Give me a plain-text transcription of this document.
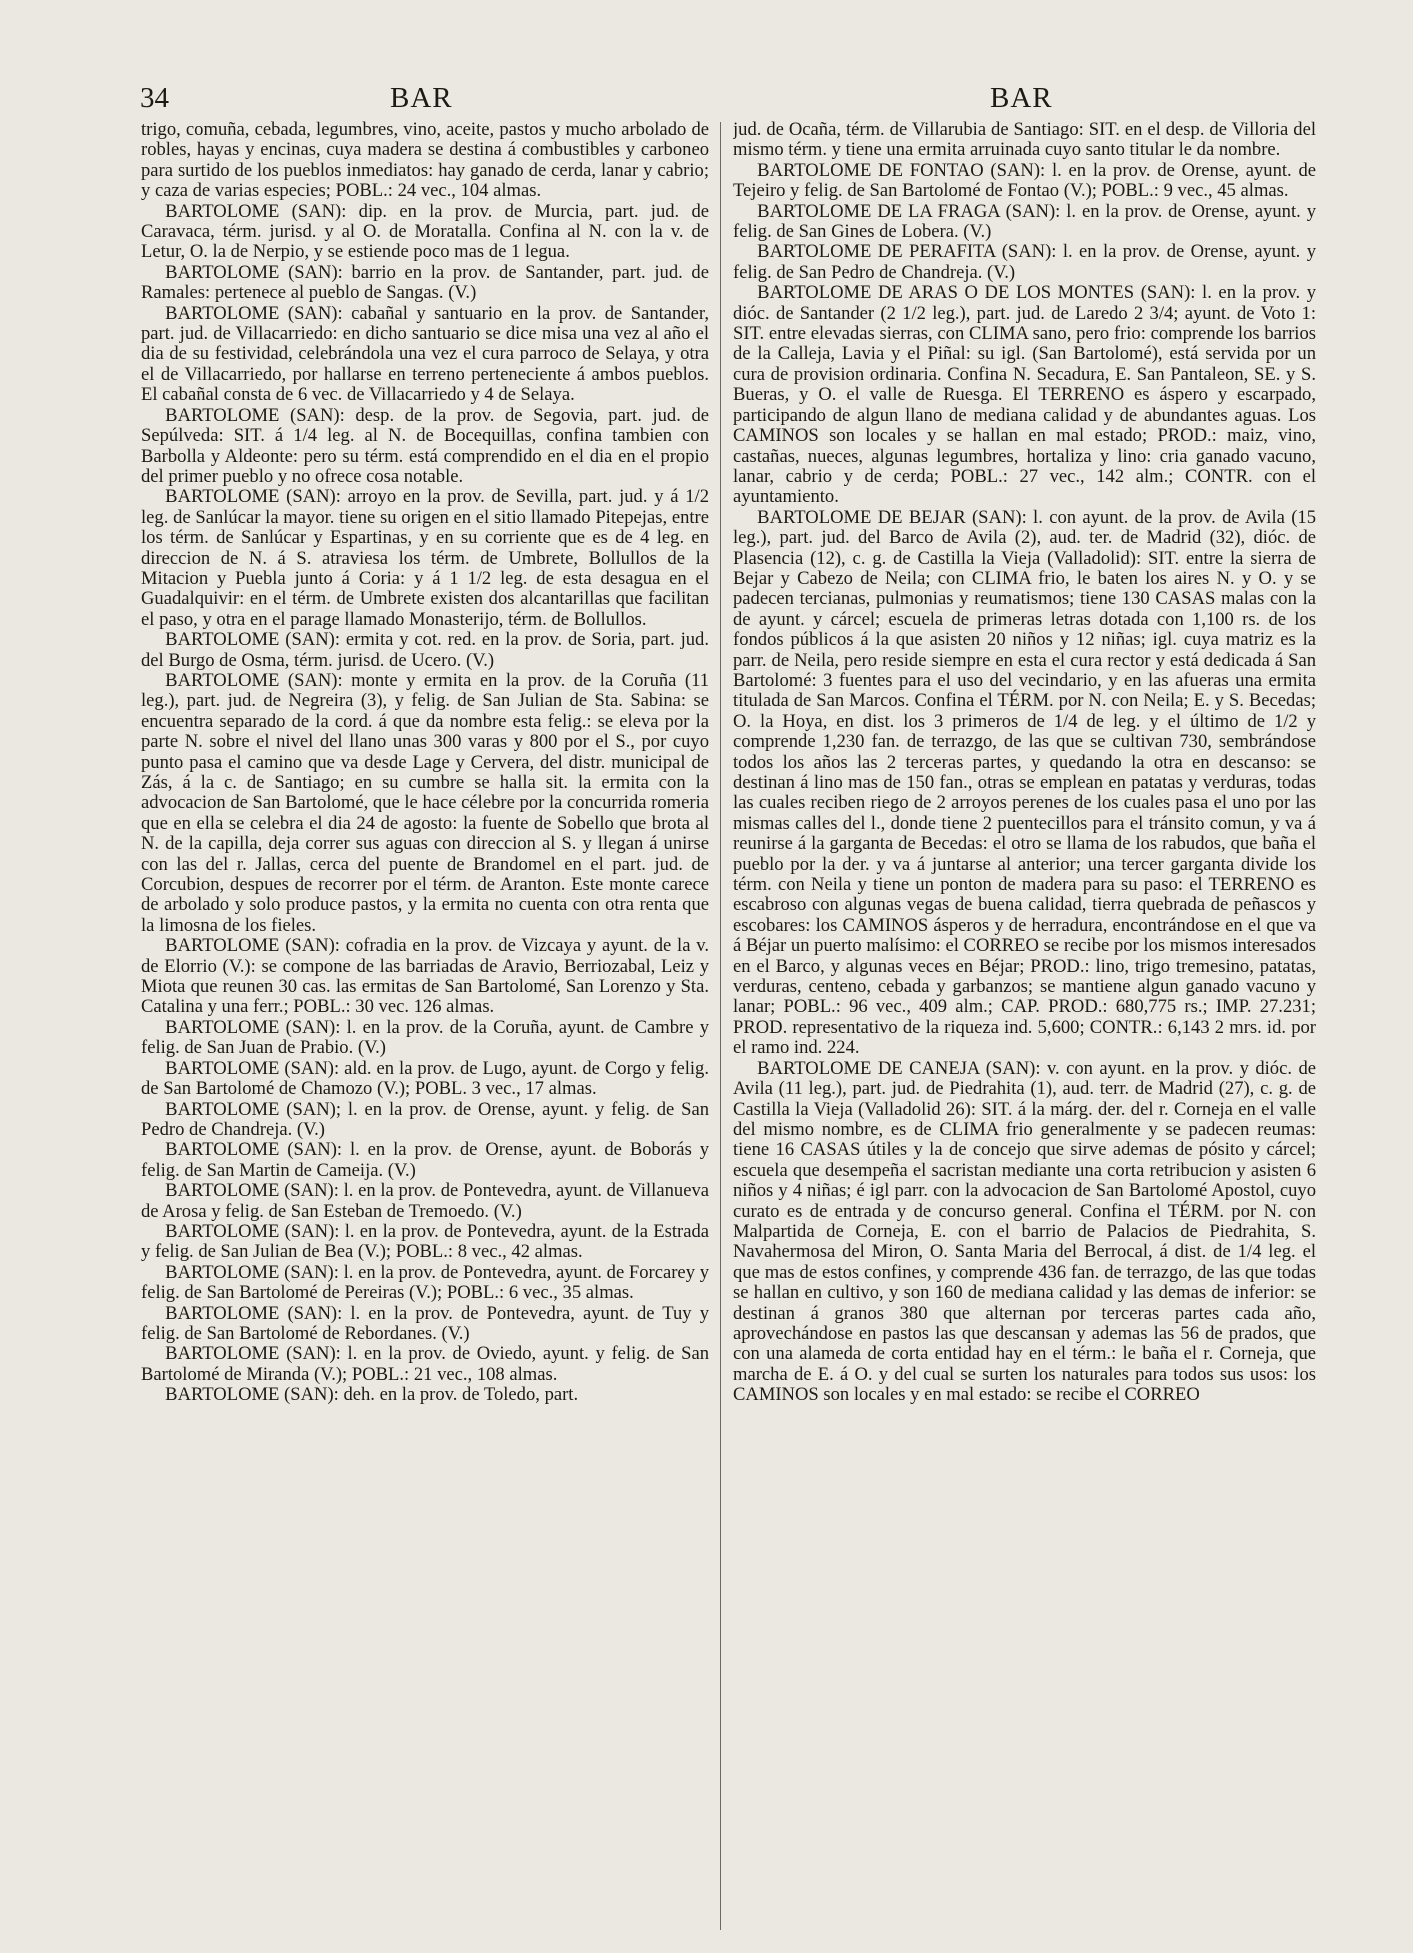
34	BAR	BAR

trigo, comuña, cebada, legumbres, vino, aceite, pastos y mucho arbolado de robles, hayas y encinas, cuya madera se destina á combustibles y carboneo para surtido de los pueblos inmediatos: hay ganado de cerda, lanar y cabrio; y caza de varias especies; POBL.: 24 vec., 104 almas.

BARTOLOME (SAN): dip. en la prov. de Murcia, part. jud. de Caravaca, térm. jurisd. y al O. de Moratalla. Confina al N. con la v. de Letur, O. la de Nerpio, y se estiende poco mas de 1 legua.

BARTOLOME (SAN): barrio en la prov. de Santander, part. jud. de Ramales: pertenece al pueblo de Sangas. (V.)

BARTOLOME (SAN): cabañal y santuario en la prov. de Santander, part. jud. de Villacarriedo: en dicho santuario se dice misa una vez al año el dia de su festividad, celebrándola una vez el cura parroco de Selaya, y otra el de Villacarriedo, por hallarse en terreno perteneciente á ambos pueblos. El cabañal consta de 6 vec. de Villacarriedo y 4 de Selaya.

BARTOLOME (SAN): desp. de la prov. de Segovia, part. jud. de Sepúlveda: SIT. á 1/4 leg. al N. de Bocequillas, confina tambien con Barbolla y Aldeonte: pero su térm. está comprendido en el dia en el propio del primer pueblo y no ofrece cosa notable.

BARTOLOME (SAN): arroyo en la prov. de Sevilla, part. jud. y á 1/2 leg. de Sanlúcar la mayor. tiene su origen en el sitio llamado Pitepejas, entre los térm. de Sanlúcar y Espartinas, y en su corriente que es de 4 leg. en direccion de N. á S. atraviesa los térm. de Umbrete, Bollullos de la Mitacion y Puebla junto á Coria: y á 1 1/2 leg. de esta desagua en el Guadalquivir: en el térm. de Umbrete existen dos alcantarillas que facilitan el paso, y otra en el parage llamado Monasterijo, térm. de Bollullos.

BARTOLOME (SAN): ermita y cot. red. en la prov. de Soria, part. jud. del Burgo de Osma, térm. jurisd. de Ucero. (V.)

BARTOLOME (SAN): monte y ermita en la prov. de la Coruña (11 leg.), part. jud. de Negreira (3), y felig. de San Julian de Sta. Sabina: se encuentra separado de la cord. á que da nombre esta felig.: se eleva por la parte N. sobre el nivel del llano unas 300 varas y 800 por el S., por cuyo punto pasa el camino que va desde Lage y Cervera, del distr. municipal de Zás, á la c. de Santiago; en su cumbre se halla sit. la ermita con la advocacion de San Bartolomé, que le hace célebre por la concurrida romeria que en ella se celebra el dia 24 de agosto: la fuente de Sobello que brota al N. de la capilla, deja correr sus aguas con direccion al S. y llegan á unirse con las del r. Jallas, cerca del puente de Brandomel en el part. jud. de Corcubion, despues de recorrer por el térm. de Aranton. Este monte carece de arbolado y solo produce pastos, y la ermita no cuenta con otra renta que la limosna de los fieles.

BARTOLOME (SAN): cofradia en la prov. de Vizcaya y ayunt. de la v. de Elorrio (V.): se compone de las barriadas de Aravio, Berriozabal, Leiz y Miota que reunen 30 cas. las ermitas de San Bartolomé, San Lorenzo y Sta. Catalina y una ferr.; POBL.: 30 vec. 126 almas.

BARTOLOME (SAN): l. en la prov. de la Coruña, ayunt. de Cambre y felig. de San Juan de Prabio. (V.)

BARTOLOME (SAN): ald. en la prov. de Lugo, ayunt. de Corgo y felig. de San Bartolomé de Chamozo (V.); POBL. 3 vec., 17 almas.

BARTOLOME (SAN); l. en la prov. de Orense, ayunt. y felig. de San Pedro de Chandreja. (V.)

BARTOLOME (SAN): l. en la prov. de Orense, ayunt. de Boborás y felig. de San Martin de Cameija. (V.)

BARTOLOME (SAN): l. en la prov. de Pontevedra, ayunt. de Villanueva de Arosa y felig. de San Esteban de Tremoedo. (V.)

BARTOLOME (SAN): l. en la prov. de Pontevedra, ayunt. de la Estrada y felig. de San Julian de Bea (V.); POBL.: 8 vec., 42 almas.

BARTOLOME (SAN): l. en la prov. de Pontevedra, ayunt. de Forcarey y felig. de San Bartolomé de Pereiras (V.); POBL.: 6 vec., 35 almas.

BARTOLOME (SAN): l. en la prov. de Pontevedra, ayunt. de Tuy y felig. de San Bartolomé de Rebordanes. (V.)

BARTOLOME (SAN): l. en la prov. de Oviedo, ayunt. y felig. de San Bartolomé de Miranda (V.); POBL.: 21 vec., 108 almas.

BARTOLOME (SAN): deh. en la prov. de Toledo, part.

jud. de Ocaña, térm. de Villarubia de Santiago: SIT. en el desp. de Villoria del mismo térm. y tiene una ermita arruinada cuyo santo titular le da nombre.

BARTOLOME DE FONTAO (SAN): l. en la prov. de Orense, ayunt. de Tejeiro y felig. de San Bartolomé de Fontao (V.); POBL.: 9 vec., 45 almas.

BARTOLOME DE LA FRAGA (SAN): l. en la prov. de Orense, ayunt. y felig. de San Gines de Lobera. (V.)

BARTOLOME DE PERAFITA (SAN): l. en la prov. de Orense, ayunt. y felig. de San Pedro de Chandreja. (V.)

BARTOLOME DE ARAS O DE LOS MONTES (SAN): l. en la prov. y dióc. de Santander (2 1/2 leg.), part. jud. de Laredo 2 3/4; ayunt. de Voto 1: SIT. entre elevadas sierras, con CLIMA sano, pero frio: comprende los barrios de la Calleja, Lavia y el Piñal: su igl. (San Bartolomé), está servida por un cura de provision ordinaria. Confina N. Secadura, E. San Pantaleon, SE. y S. Bueras, y O. el valle de Ruesga. El TERRENO es áspero y escarpado, participando de algun llano de mediana calidad y de abundantes aguas. Los CAMINOS son locales y se hallan en mal estado; PROD.: maiz, vino, castañas, nueces, algunas legumbres, hortaliza y lino: cria ganado vacuno, lanar, cabrio y de cerda; POBL.: 27 vec., 142 alm.; CONTR. con el ayuntamiento.

BARTOLOME DE BEJAR (SAN): l. con ayunt. de la prov. de Avila (15 leg.), part. jud. del Barco de Avila (2), aud. ter. de Madrid (32), dióc. de Plasencia (12), c. g. de Castilla la Vieja (Valladolid): SIT. entre la sierra de Bejar y Cabezo de Neila; con CLIMA frio, le baten los aires N. y O. y se padecen tercianas, pulmonias y reumatismos; tiene 130 CASAS malas con la de ayunt. y cárcel; escuela de primeras letras dotada con 1,100 rs. de los fondos públicos á la que asisten 20 niños y 12 niñas; igl. cuya matriz es la parr. de Neila, pero reside siempre en esta el cura rector y está dedicada á San Bartolomé: 3 fuentes para el uso del vecindario, y en las afueras una ermita titulada de San Marcos. Confina el TÉRM. por N. con Neila; E. y S. Becedas; O. la Hoya, en dist. los 3 primeros de 1/4 de leg. y el último de 1/2 y comprende 1,230 fan. de terrazgo, de las que se cultivan 730, sembrándose todos los años las 2 terceras partes, y quedando la otra en descanso: se destinan á lino mas de 150 fan., otras se emplean en patatas y verduras, todas las cuales reciben riego de 2 arroyos perenes de los cuales pasa el uno por las mismas calles del l., donde tiene 2 puentecillos para el tránsito comun, y va á reunirse á la garganta de Becedas: el otro se llama de los rabudos, que baña el pueblo por la der. y va á juntarse al anterior; una tercer garganta divide los térm. con Neila y tiene un ponton de madera para su paso: el TERRENO es escabroso con algunas vegas de buena calidad, tierra quebrada de peñascos y escobares: los CAMINOS ásperos y de herradura, encontrándose en el que va á Béjar un puerto malísimo: el CORREO se recibe por los mismos interesados en el Barco, y algunas veces en Béjar; PROD.: lino, trigo tremesino, patatas, verduras, centeno, cebada y garbanzos; se mantiene algun ganado vacuno y lanar; POBL.: 96 vec., 409 alm.; CAP. PROD.: 680,775 rs.; IMP. 27.231; PROD. representativo de la riqueza ind. 5,600; CONTR.: 6,143 2 mrs. id. por el ramo ind. 224.

BARTOLOME DE CANEJA (SAN): v. con ayunt. en la prov. y dióc. de Avila (11 leg.), part. jud. de Piedrahita (1), aud. terr. de Madrid (27), c. g. de Castilla la Vieja (Valladolid 26): SIT. á la márg. der. del r. Corneja en el valle del mismo nombre, es de CLIMA frio generalmente y se padecen reumas: tiene 16 CASAS útiles y la de concejo que sirve ademas de pósito y cárcel; escuela que desempeña el sacristan mediante una corta retribucion y asisten 6 niños y 4 niñas; é igl parr. con la advocacion de San Bartolomé Apostol, cuyo curato es de entrada y de concurso general. Confina el TÉRM. por N. con Malpartida de Corneja, E. con el barrio de Palacios de Piedrahita, S. Navahermosa del Miron, O. Santa Maria del Berrocal, á dist. de 1/4 leg. el que mas de estos confines, y comprende 436 fan. de terrazgo, de las que todas se hallan en cultivo, y son 160 de mediana calidad y las demas de inferior: se destinan á granos 380 que alternan por terceras partes cada año, aprovechándose en pastos las que descansan y ademas las 56 de prados, que con una alameda de corta entidad hay en el térm.: le baña el r. Corneja, que marcha de E. á O. y del cual se surten los naturales para todos sus usos: los CAMINOS son locales y en mal estado: se recibe el CORREO
